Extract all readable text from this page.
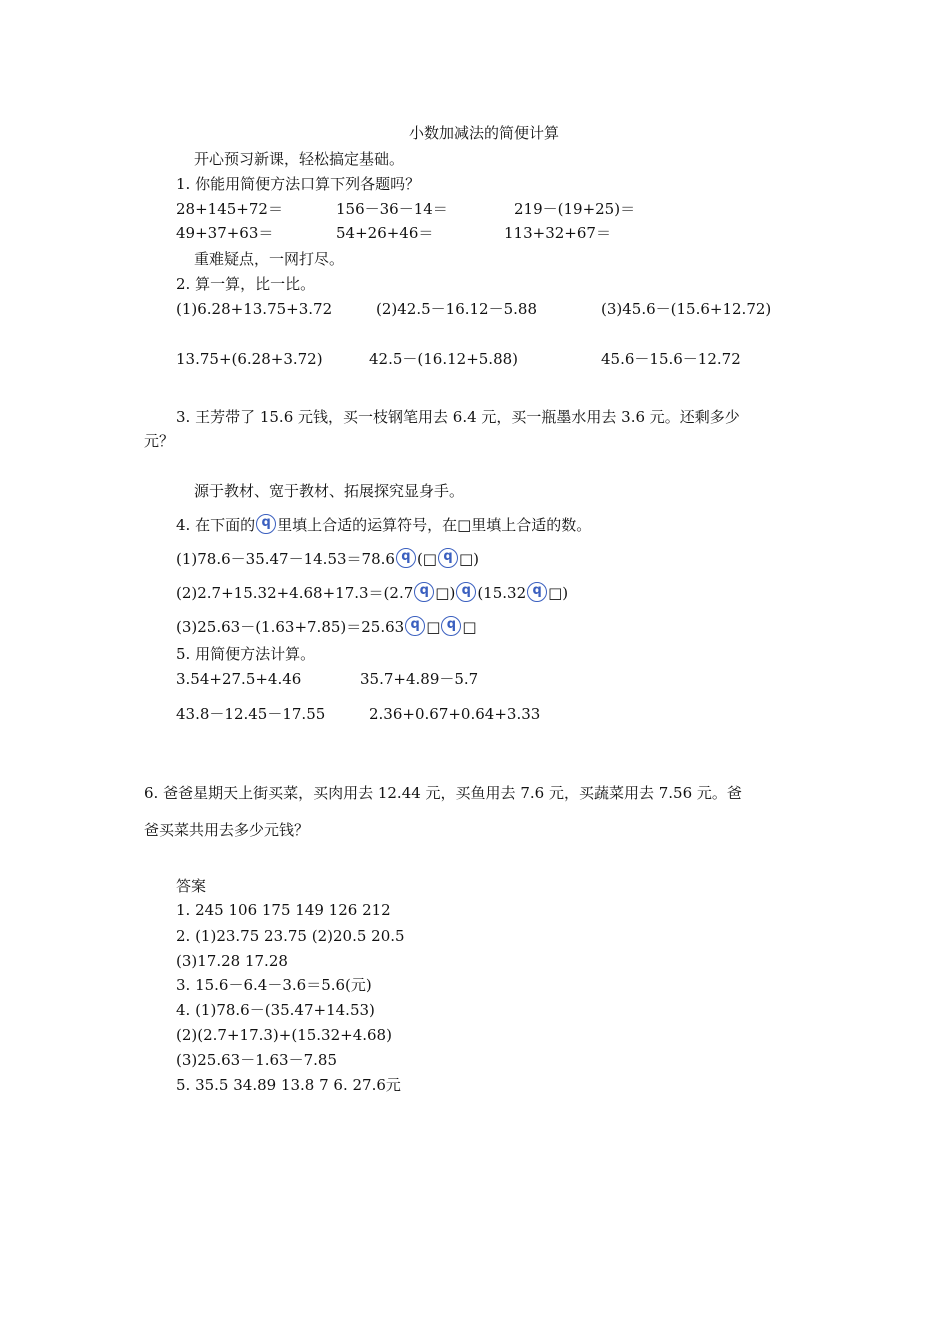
小数加减法的简便计算
开心预习新课，轻松搞定基础。
1. 你能用简便方法口算下列各题吗？
28+145+72＝	156－36－14＝	219－(19+25)＝
49+37+63＝	54+26+46＝	113+32+67＝
重难疑点，一网打尽。
2. 算一算，比一比。
(1)6.28+13.75+3.72	(2)42.5－16.12－5.88	(3)45.6－(15.6+12.72)
13.75+(6.28+3.72)	42.5－(16.12+5.88)	45.6－15.6－12.72
3. 王芳带了 15.6 元钱，买一枝钢笔用去 6.4 元，买一瓶墨水用去 3.6 元。还剩多少
元？
源于教材、宽于教材、拓展探究显身手。
4. 在下面的 q 里填上合适的运算符号，在□里填上合适的数。
(1)78.6－35.47－14.53＝78.6 q (□ q □)
(2)2.7+15.32+4.68+17.3＝(2.7 q □) q (15.32 q □)
(3)25.63－(1.63+7.85)＝25.63 q □ q □
5. 用简便方法计算。
3.54+27.5+4.46	35.7+4.89－5.7
43.8－12.45－17.55	2.36+0.67+0.64+3.33
6. 爸爸星期天上街买菜，买肉用去 12.44 元，买鱼用去 7.6 元，买蔬菜用去 7.56 元。爸
爸买菜共用去多少元钱？
答案
1. 245 106 175 149 126 212
2. (1)23.75 23.75 (2)20.5 20.5
(3)17.28 17.28
3. 15.6－6.4－3.6＝5.6(元)
4. (1)78.6－(35.47+14.53)
(2)(2.7+17.3)+(15.32+4.68)
(3)25.63－1.63－7.85
5. 35.5 34.89 13.8 7 6. 27.6元
